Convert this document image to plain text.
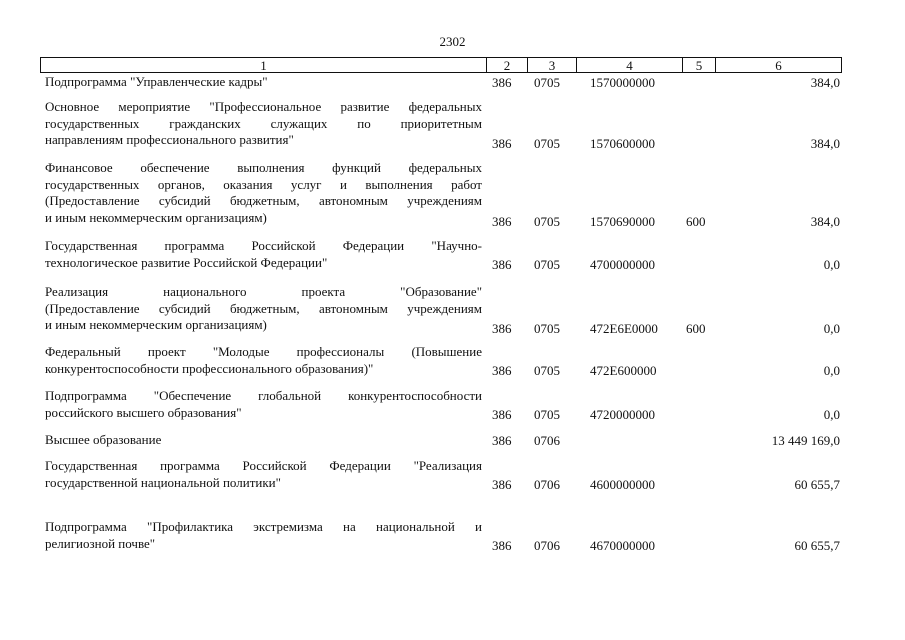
2302
1	2	3	4	5	6
Подпрограмма "Управленческие кадры"	386 0705 1570000000	384,0
Основное мероприятие "Профессиональное развитие федеральных
государственных гражданских служащих по приоритетным
направлениям профессионального развития"	386 0705 1570600000	384,0
Финансовое обеспечение выполнения функций федеральных
государственных органов, оказания услуг и выполнения работ
(Предоставление субсидий бюджетным, автономным учреждениям
и иным некоммерческим организациям)	386 0705 1570690000 600	384,0
Государственная программа Российской Федерации "Научно-
технологическое развитие Российской Федерации"	386 0705 4700000000	0,0
Реализация национального проекта "Образование"
(Предоставление субсидий бюджетным, автономным учреждениям
и иным некоммерческим организациям)	386 0705 472Е6Е0000 600	0,0
Федеральный проект "Молодые профессионалы (Повышение
конкурентоспособности профессионального образования)"	386 0705 472Е600000	0,0
Подпрограмма "Обеспечение глобальной конкурентоспособности
российского высшего образования"	386 0705 4720000000	0,0
Высшее образование	386 0706	13 449 169,0
Государственная программа Российской Федерации "Реализация
государственной национальной политики"	386 0706 4600000000	60 655,7
Подпрограмма "Профилактика экстремизма на национальной и
религиозной почве"	386 0706 4670000000	60 655,7
